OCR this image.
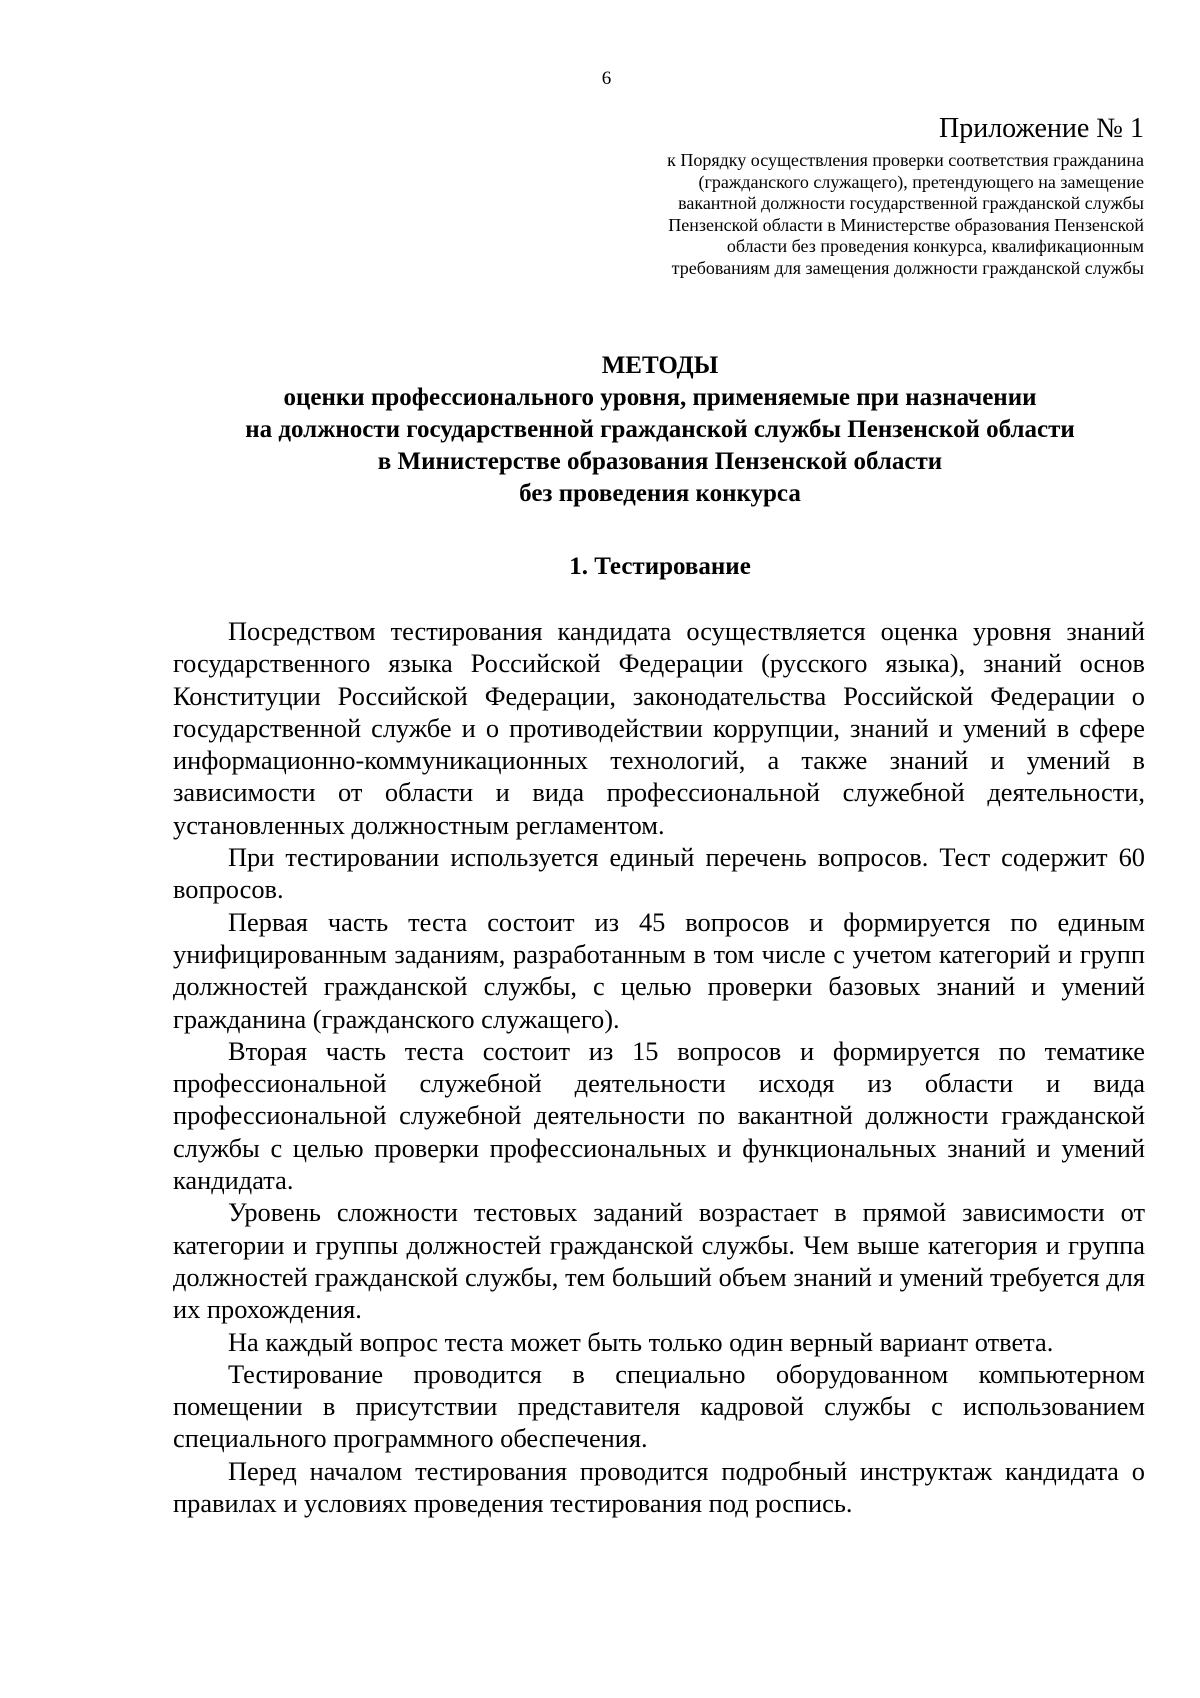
6
Приложение № 1
к Порядку осуществления проверки соответствия гражданина
(гражданского служащего), претендующего на замещение
вакантной должности государственной гражданской службы
Пензенской области в Министерстве образования Пензенской
области без проведения конкурса, квалификационным
требованиям для замещения должности гражданской службы
МЕТОДЫ
оценки профессионального уровня, применяемые при назначении
на должности государственной гражданской службы Пензенской области
в Министерстве образования Пензенской области
без проведения конкурса
1. Тестирование

Посредством тестирования кандидата осуществляется оценка уровня знаний государственного языка Российской Федерации (русского языка), знаний основ Конституции Российской Федерации, законодательства Российской Федерации о государственной службе и о противодействии коррупции, знаний и умений в сфере информационно-коммуникационных технологий, а также знаний и умений в зависимости от области и вида профессиональной служебной деятельности, установленных должностным регламентом.

При тестировании используется единый перечень вопросов. Тест содержит 60 вопросов.

Первая часть теста состоит из 45 вопросов и формируется по единым унифицированным заданиям, разработанным в том числе с учетом категорий и групп должностей гражданской службы, с целью проверки базовых знаний и умений гражданина (гражданского служащего).

Вторая часть теста состоит из 15 вопросов и формируется по тематике профессиональной служебной деятельности исходя из области и вида профессиональной служебной деятельности по вакантной должности гражданской службы с целью проверки профессиональных и функциональных знаний и умений кандидата.

Уровень сложности тестовых заданий возрастает в прямой зависимости от категории и группы должностей гражданской службы. Чем выше категория и группа должностей гражданской службы, тем больший объем знаний и умений требуется для их прохождения.

На каждый вопрос теста может быть только один верный вариант ответа.

Тестирование проводится в специально оборудованном компьютерном помещении в присутствии представителя кадровой службы с использованием специального программного обеспечения.

Перед началом тестирования проводится подробный инструктаж кандидата о правилах и условиях проведения тестирования под роспись.
